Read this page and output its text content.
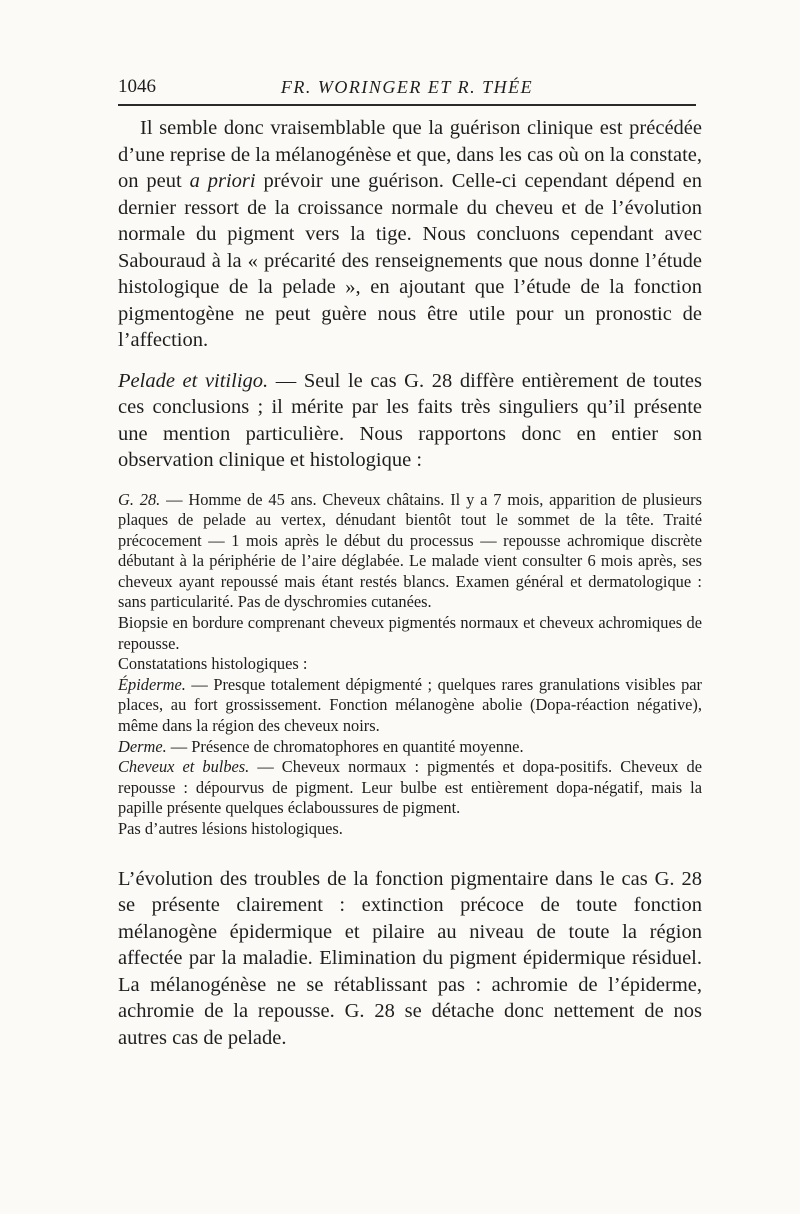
1046	FR. WORINGER ET R. THÉE

Il semble donc vraisemblable que la guérison clinique est précédée d’une reprise de la mélanogénèse et que, dans les cas où on la constate, on peut a priori prévoir une guérison. Celle-ci cependant dépend en dernier ressort de la croissance normale du cheveu et de l’évolution normale du pigment vers la tige. Nous concluons cependant avec Sabouraud à la « précarité des renseignements que nous donne l’étude histologique de la pelade », en ajoutant que l’étude de la fonction pigmentogène ne peut guère nous être utile pour un pronostic de l’affection.

Pelade et vitiligo. — Seul le cas G. 28 diffère entièrement de toutes ces conclusions ; il mérite par les faits très singuliers qu’il présente une mention particulière. Nous rapportons donc en entier son observation clinique et histologique :

G. 28. — Homme de 45 ans. Cheveux châtains. Il y a 7 mois, apparition de plusieurs plaques de pelade au vertex, dénudant bientôt tout le sommet de la tête. Traité précocement — 1 mois après le début du processus — repousse achromique discrète débutant à la périphérie de l’aire déglabée. Le malade vient consulter 6 mois après, ses cheveux ayant repoussé mais étant restés blancs. Examen général et dermatologique : sans particularité. Pas de dyschromies cutanées.

Biopsie en bordure comprenant cheveux pigmentés normaux et cheveux achromiques de repousse.

Constatations histologiques :

Épiderme. — Presque totalement dépigmenté ; quelques rares granulations visibles par places, au fort grossissement. Fonction mélanogène abolie (Dopa-réaction négative), même dans la région des cheveux noirs.

Derme. — Présence de chromatophores en quantité moyenne.

Cheveux et bulbes. — Cheveux normaux : pigmentés et dopa-positifs. Cheveux de repousse : dépourvus de pigment. Leur bulbe est entièrement dopa-négatif, mais la papille présente quelques éclaboussures de pigment.

Pas d’autres lésions histologiques.

L’évolution des troubles de la fonction pigmentaire dans le cas G. 28 se présente clairement : extinction précoce de toute fonction mélanogène épidermique et pilaire au niveau de toute la région affectée par la maladie. Elimination du pigment épidermique résiduel. La mélanogénèse ne se rétablissant pas : achromie de l’épiderme, achromie de la repousse. G. 28 se détache donc nettement de nos autres cas de pelade.
